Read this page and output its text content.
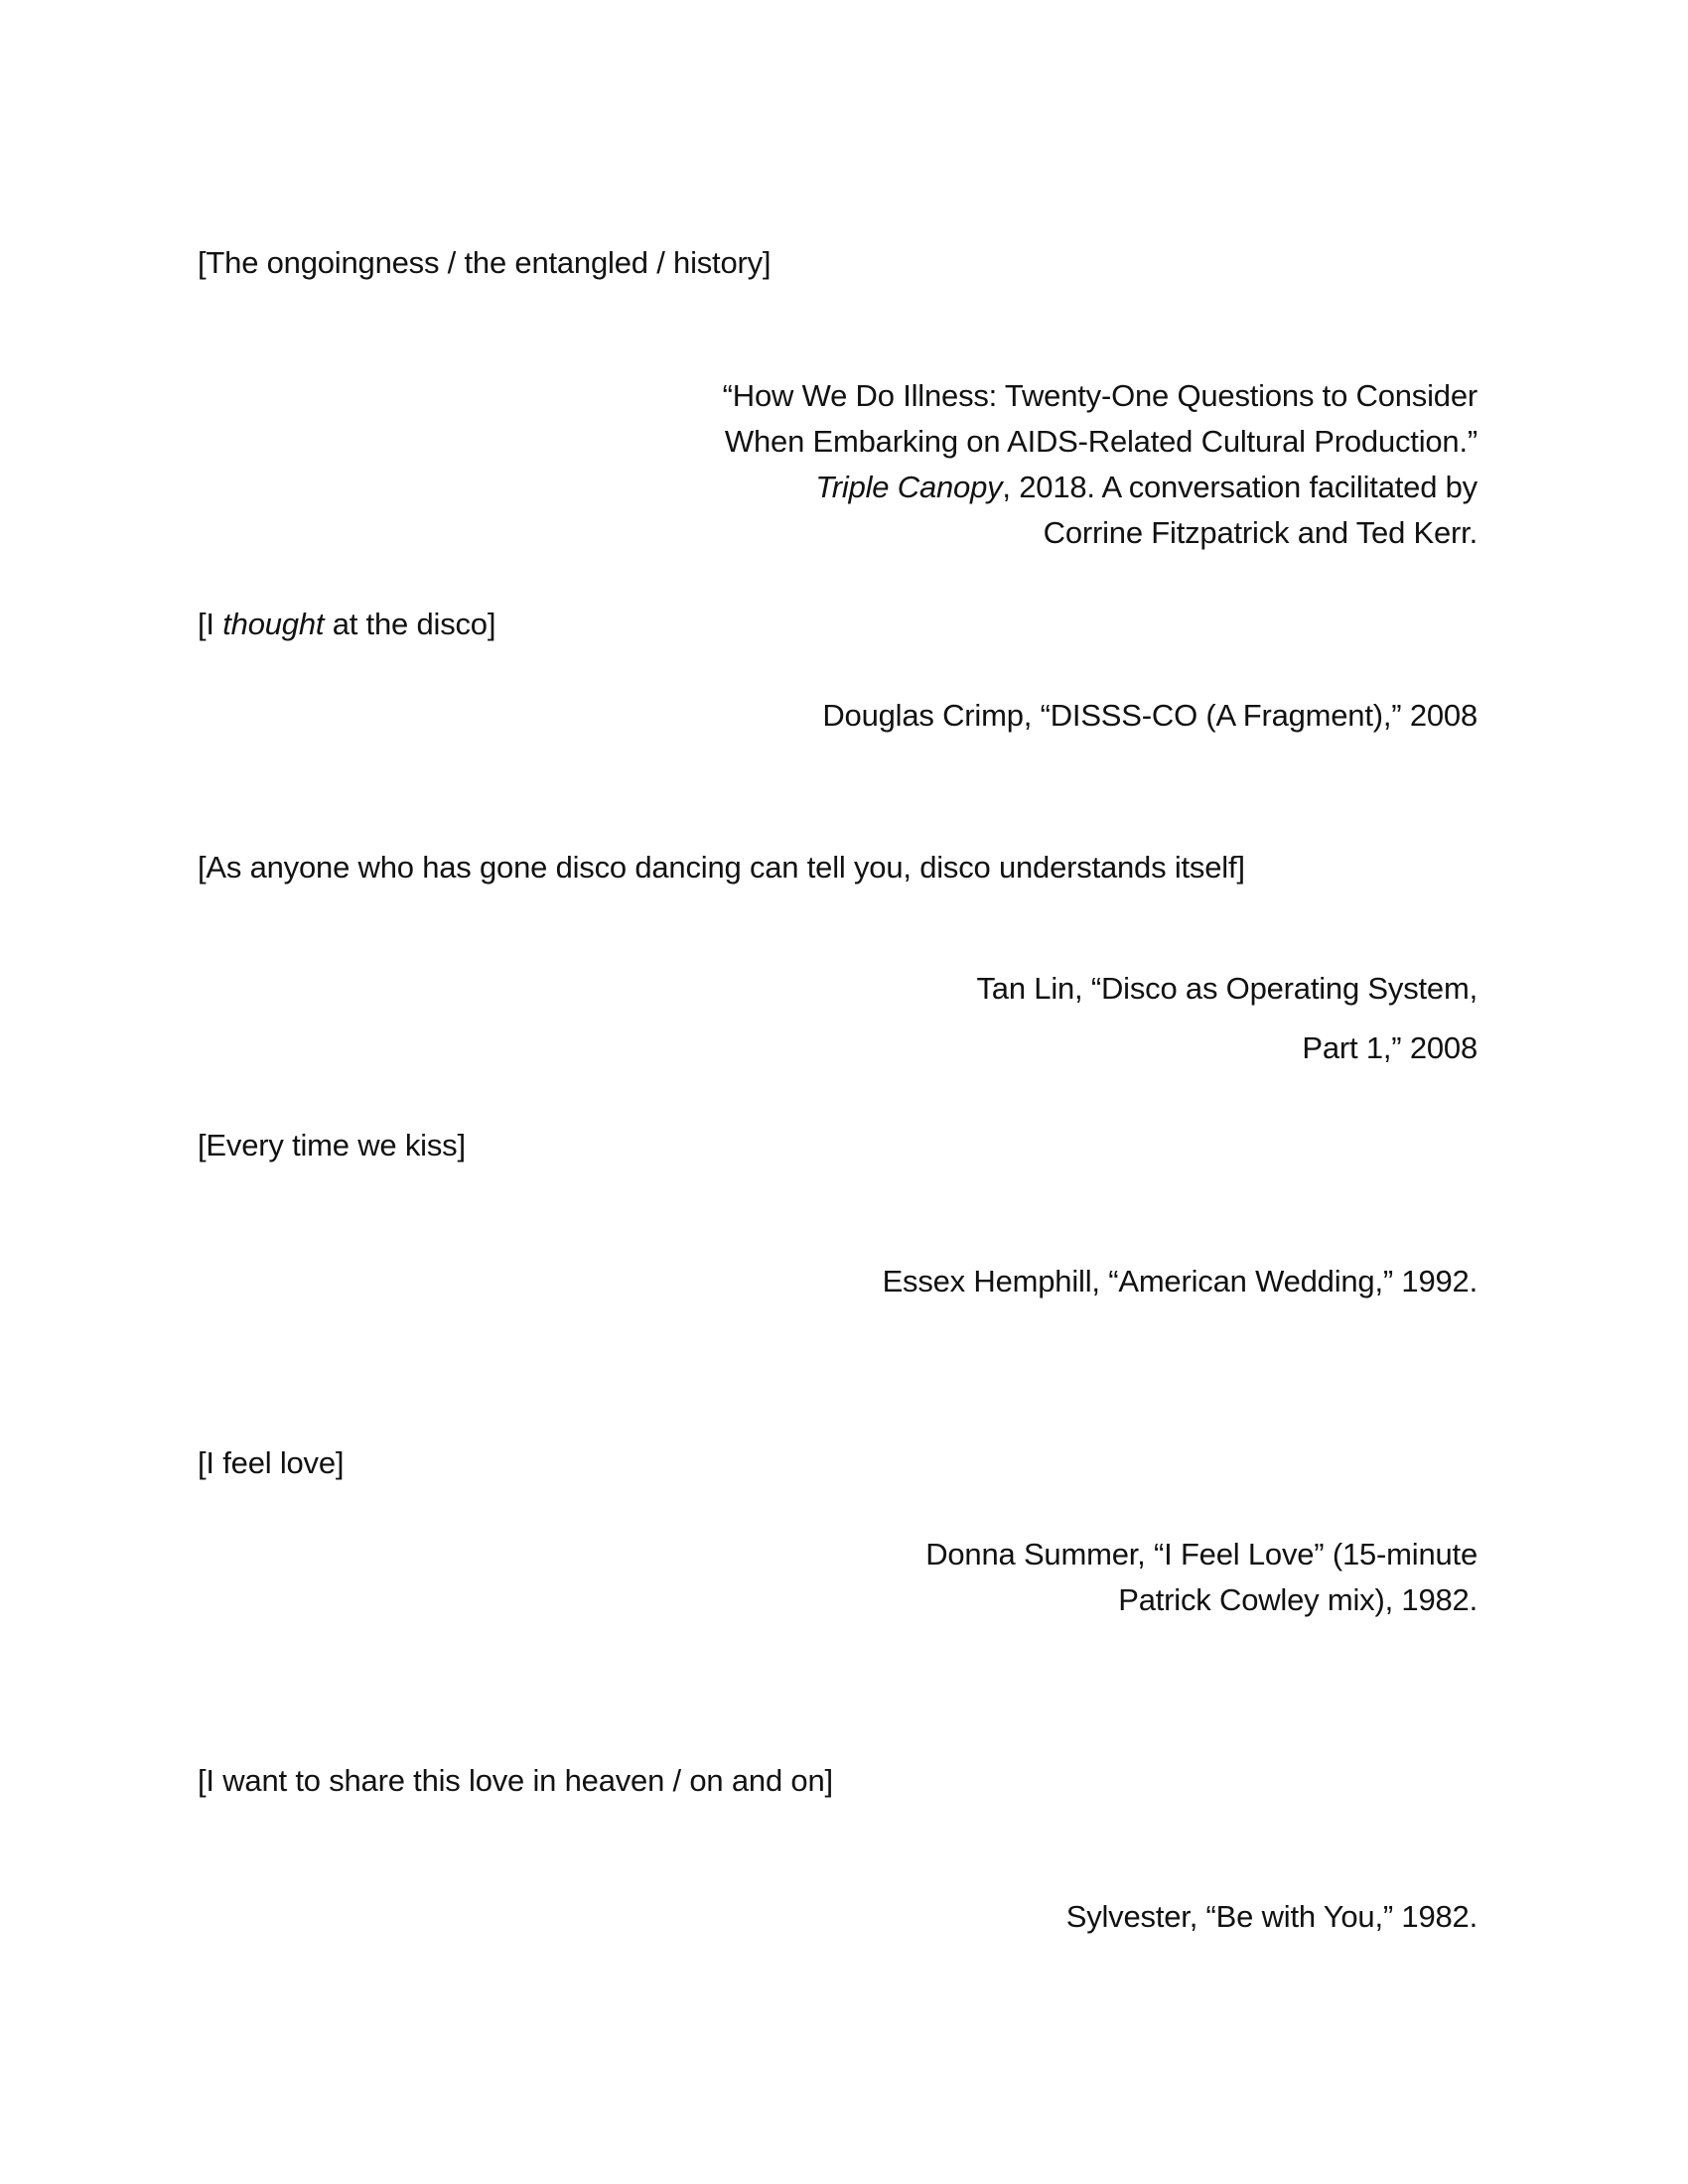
[The ongoingness / the entangled / history]

“How We Do Illness: Twenty-One Questions to Consider
When Embarking on AIDS-Related Cultural Production.”
Triple Canopy, 2018. A conversation facilitated by
Corrine Fitzpatrick and Ted Kerr.

[I thought at the disco]

Douglas Crimp, “DISSS-CO (A Fragment),” 2008

[As anyone who has gone disco dancing can tell you, disco understands itself]

Tan Lin, “Disco as Operating System,
Part 1,” 2008

[Every time we kiss]

Essex Hemphill, “American Wedding,” 1992.

[I feel love]

Donna Summer, “I Feel Love” (15-minute
Patrick Cowley mix), 1982.

[I want to share this love in heaven / on and on]

Sylvester, “Be with You,” 1982.
